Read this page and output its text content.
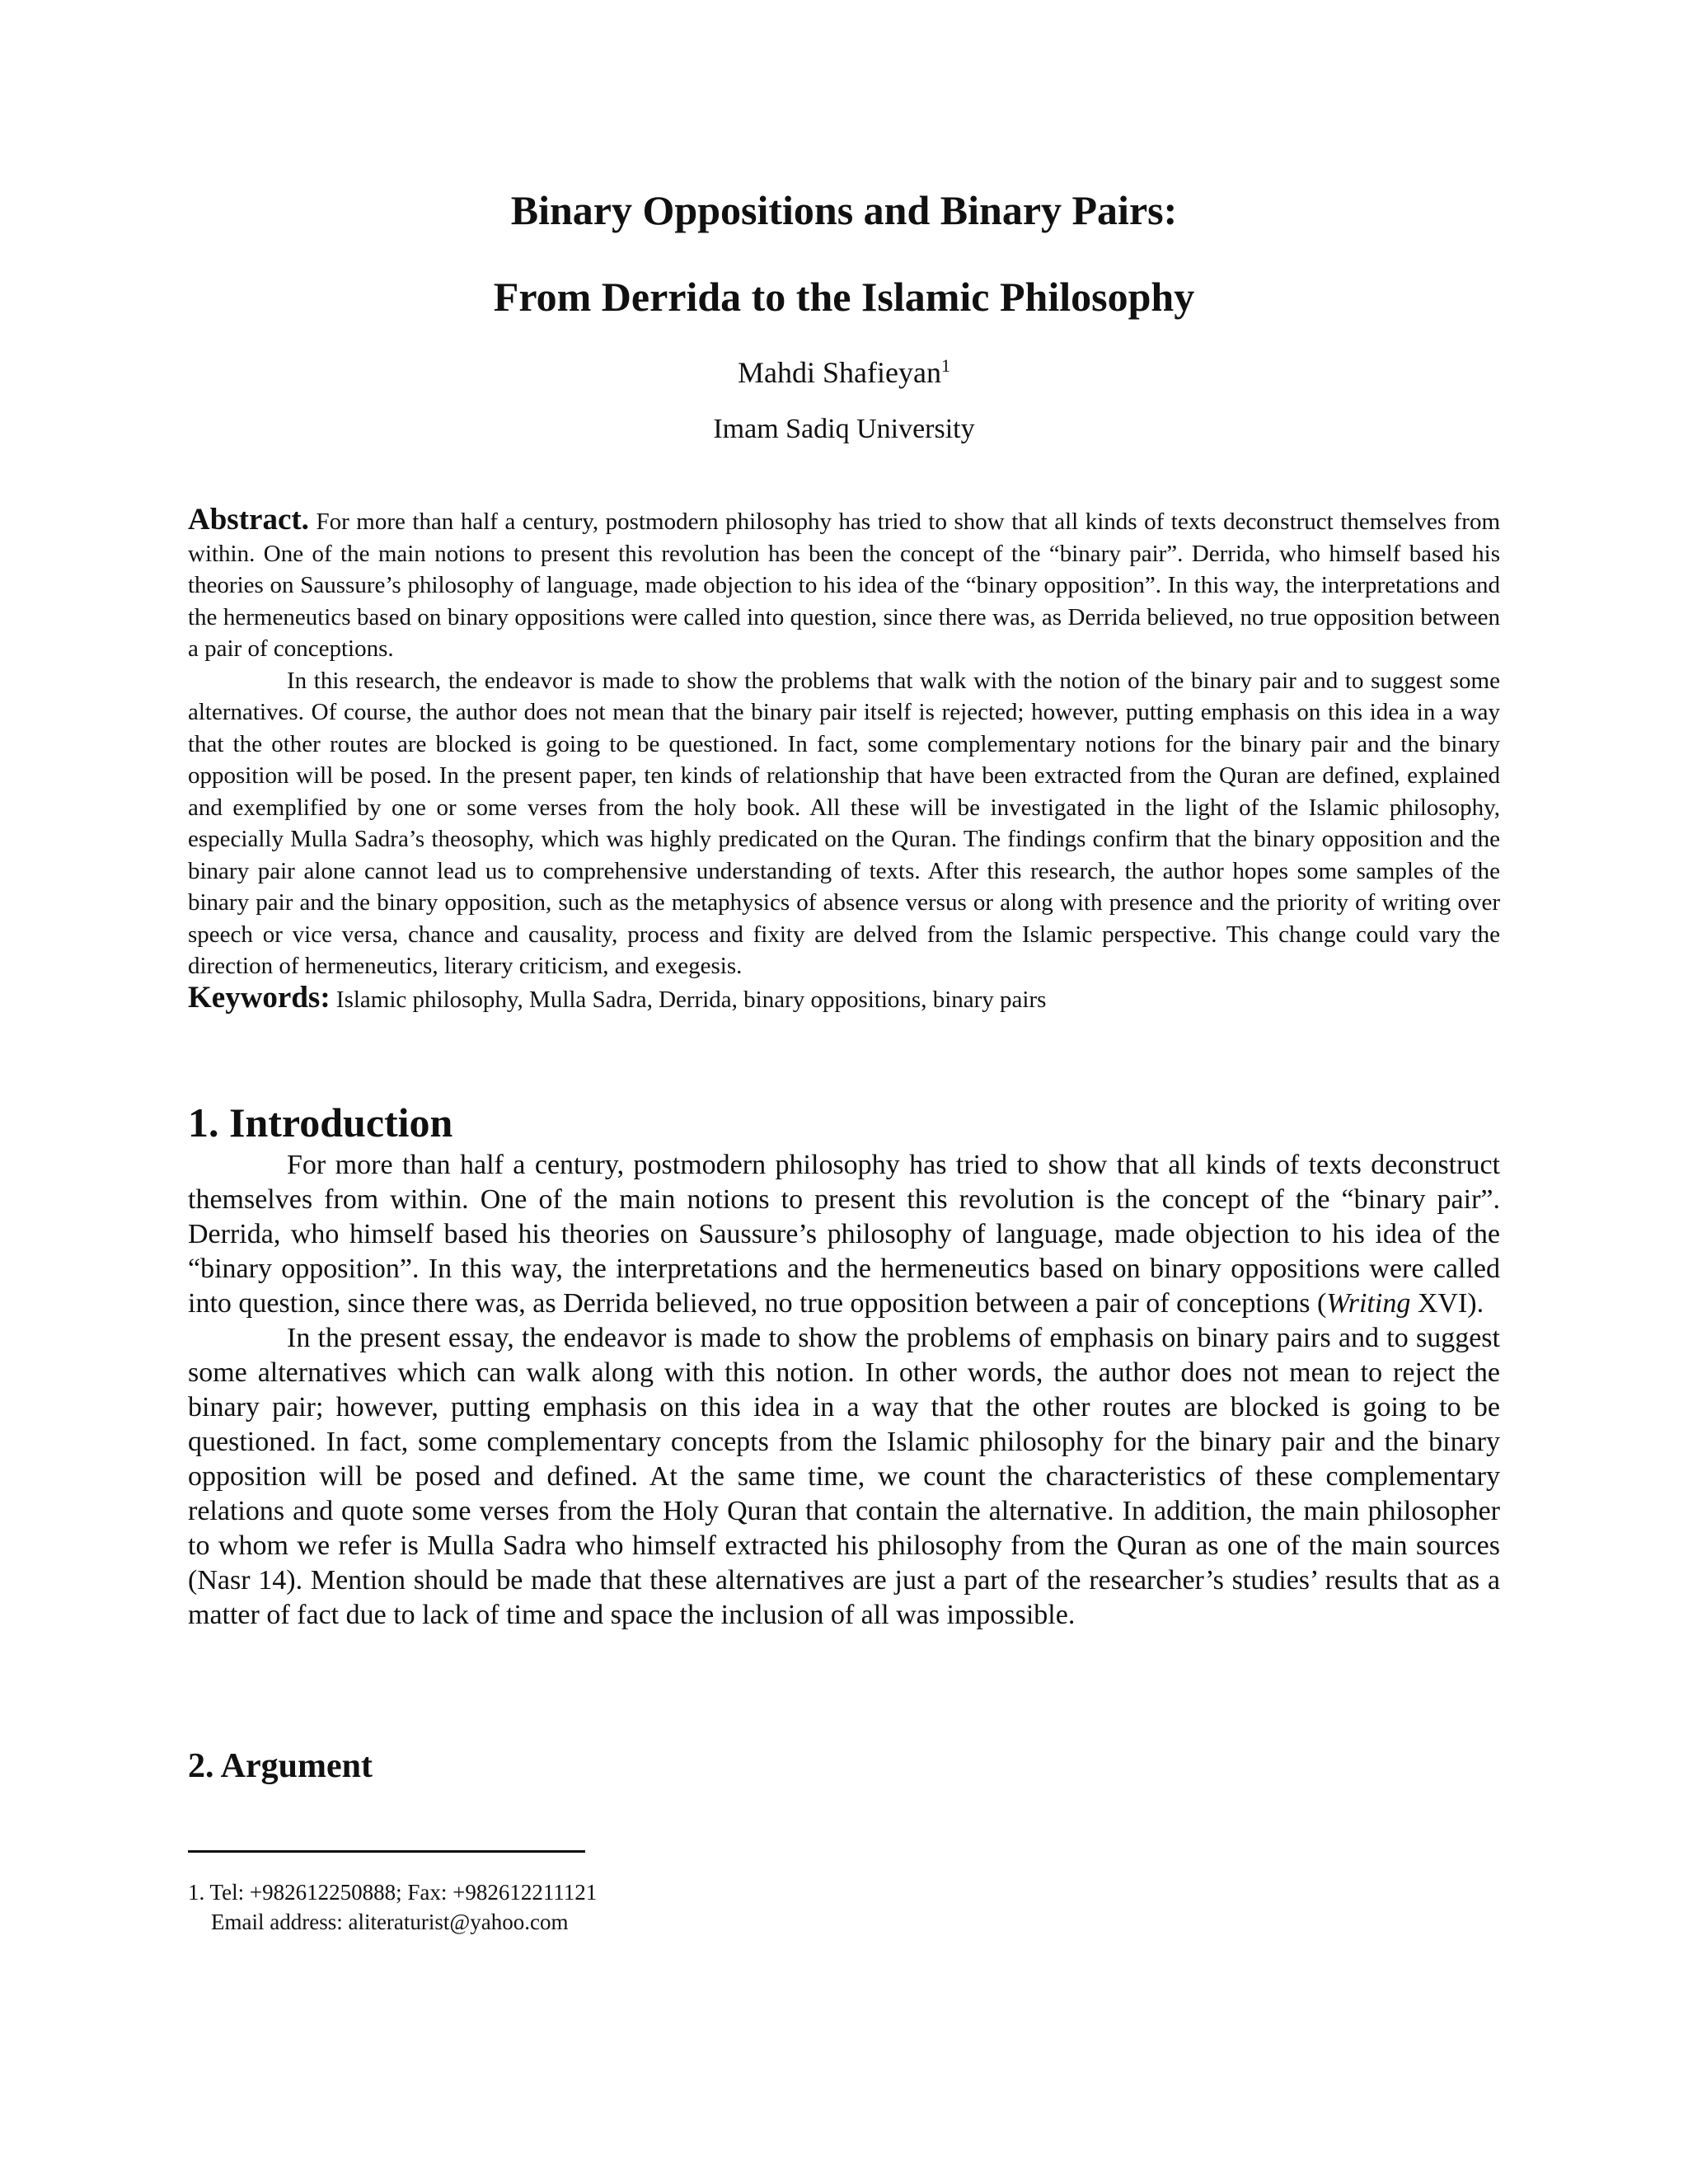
Binary Oppositions and Binary Pairs:
From Derrida to the Islamic Philosophy
Mahdi Shafieyan$^1$
Imam Sadiq University

Abstract. For more than half a century, postmodern philosophy has tried to show that all kinds of texts deconstruct themselves from within. One of the main notions to present this revolution has been the concept of the “binary pair”. Derrida, who himself based his theories on Saussure’s philosophy of language, made objection to his idea of the “binary opposition”. In this way, the interpretations and the hermeneutics based on binary oppositions were called into question, since there was, as Derrida believed, no true opposition between a pair of conceptions.

In this research, the endeavor is made to show the problems that walk with the notion of the binary pair and to suggest some alternatives. Of course, the author does not mean that the binary pair itself is rejected; however, putting emphasis on this idea in a way that the other routes are blocked is going to be questioned. In fact, some complementary notions for the binary pair and the binary opposition will be posed. In the present paper, ten kinds of relationship that have been extracted from the Quran are defined, explained and exemplified by one or some verses from the holy book. All these will be investigated in the light of the Islamic philosophy, especially Mulla Sadra’s theosophy, which was highly predicated on the Quran. The findings confirm that the binary opposition and the binary pair alone cannot lead us to comprehensive understanding of texts. After this research, the author hopes some samples of the binary pair and the binary opposition, such as the metaphysics of absence versus or along with presence and the priority of writing over speech or vice versa, chance and causality, process and fixity are delved from the Islamic perspective. This change could vary the direction of hermeneutics, literary criticism, and exegesis.

Keywords: Islamic philosophy, Mulla Sadra, Derrida, binary oppositions, binary pairs

1. Introduction

For more than half a century, postmodern philosophy has tried to show that all kinds of texts deconstruct themselves from within. One of the main notions to present this revolution is the concept of the “binary pair”. Derrida, who himself based his theories on Saussure’s philosophy of language, made objection to his idea of the “binary opposition”. In this way, the interpretations and the hermeneutics based on binary oppositions were called into question, since there was, as Derrida believed, no true opposition between a pair of conceptions (Writing XVI).

In the present essay, the endeavor is made to show the problems of emphasis on binary pairs and to suggest some alternatives which can walk along with this notion. In other words, the author does not mean to reject the binary pair; however, putting emphasis on this idea in a way that the other routes are blocked is going to be questioned. In fact, some complementary concepts from the Islamic philosophy for the binary pair and the binary opposition will be posed and defined. At the same time, we count the characteristics of these complementary relations and quote some verses from the Holy Quran that contain the alternative. In addition, the main philosopher to whom we refer is Mulla Sadra who himself extracted his philosophy from the Quran as one of the main sources (Nasr 14). Mention should be made that these alternatives are just a part of the researcher’s studies’ results that as a matter of fact due to lack of time and space the inclusion of all was impossible.

2. Argument
1. Tel: +982612250888; Fax: +982612211121
Email address: aliteraturist@yahoo.com
